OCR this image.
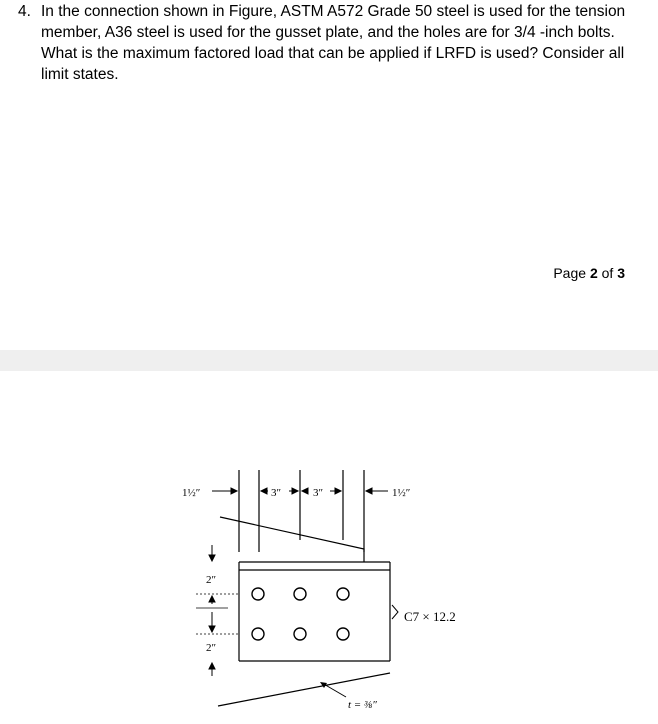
4. In the connection shown in Figure, ASTM A572 Grade 50 steel is used for the tension member, A36 steel is used for the gusset plate, and the holes are for 3/4 -inch bolts. What is the maximum factored load that can be applied if LRFD is used? Consider all limit states.
Page 2 of 3
1½″	3″	3″	1½″
2″
2″
C7 × 12.2
t = ⅜″
